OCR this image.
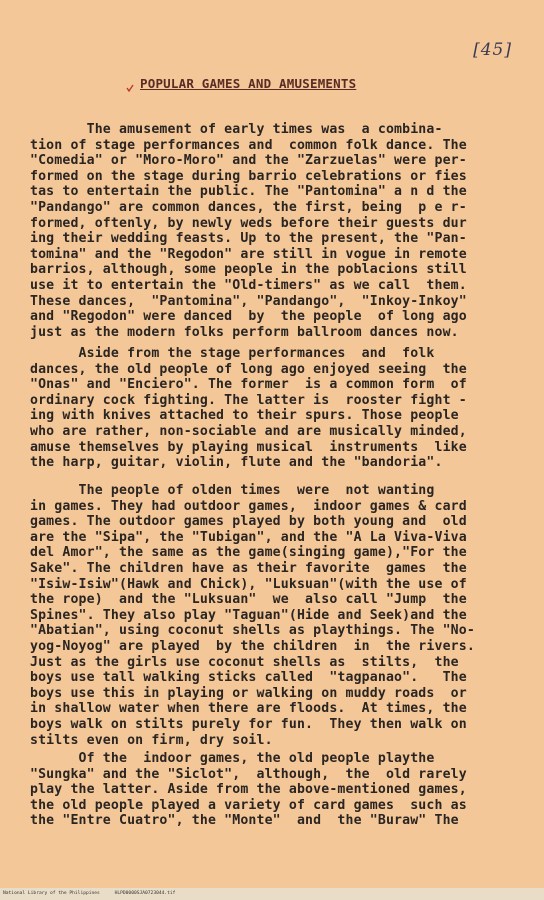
[45]
POPULAR GAMES AND AMUSEMENTS
The amusement of early times was  a combina-
tion of stage performances and  common folk dance. The
"Comedia" or "Moro-Moro" and the "Zarzuelas" were per-
formed on the stage during barrio celebrations or fies
tas to entertain the public. The "Pantomina" a n d the
"Pandango" are common dances, the first, being  p e r-
formed, oftenly, by newly weds before their guests dur
ing their wedding feasts. Up to the present, the "Pan-
tomina" and the "Regodon" are still in vogue in remote
barrios, although, some people in the poblacions still
use it to entertain the "Old-timers" as we call  them.
These dances,  "Pantomina", "Pandango",  "Inkoy-Inkoy"
and "Regodon" were danced  by  the people  of long ago
just as the modern folks perform ballroom dances now.
Aside from the stage performances  and  folk
dances, the old people of long ago enjoyed seeing  the
"Onas" and "Enciero". The former  is a common form  of
ordinary cock fighting. The latter is  rooster fight -
ing with knives attached to their spurs. Those people
who are rather, non-sociable and are musically minded,
amuse themselves by playing musical  instruments  like
the harp, guitar, violin, flute and the "bandoria".
The people of olden times  were  not wanting
in games. They had outdoor games,  indoor games & card
games. The outdoor games played by both young and  old
are the "Sipa", the "Tubigan", and the "A La Viva-Viva
del Amor", the same as the game(singing game),"For the
Sake". The children have as their favorite  games  the
"Isiw-Isiw"(Hawk and Chick), "Luksuan"(with the use of
the rope)  and the "Luksuan"  we  also call "Jump  the
Spines". They also play "Taguan"(Hide and Seek)and the
"Abatian", using coconut shells as playthings. The "No-
yog-Noyog" are played  by the children  in  the rivers.
Just as the girls use coconut shells as  stilts,  the
boys use tall walking sticks called  "tagpanao".   The
boys use this in playing or walking on muddy roads  or
in shallow water when there are floods.  At times, the
boys walk on stilts purely for fun.  They then walk on
stilts even on firm, dry soil.
Of the  indoor games, the old people playthe
"Sungka" and the "Siclot",  although,  the  old rarely
play the latter. Aside from the above-mentioned games,
the old people played a variety of card games  such as
the "Entre Cuatro", the "Monte"  and  the "Buraw" The
National Library of the Philippines	HLPD0000SJA0723044.tif
